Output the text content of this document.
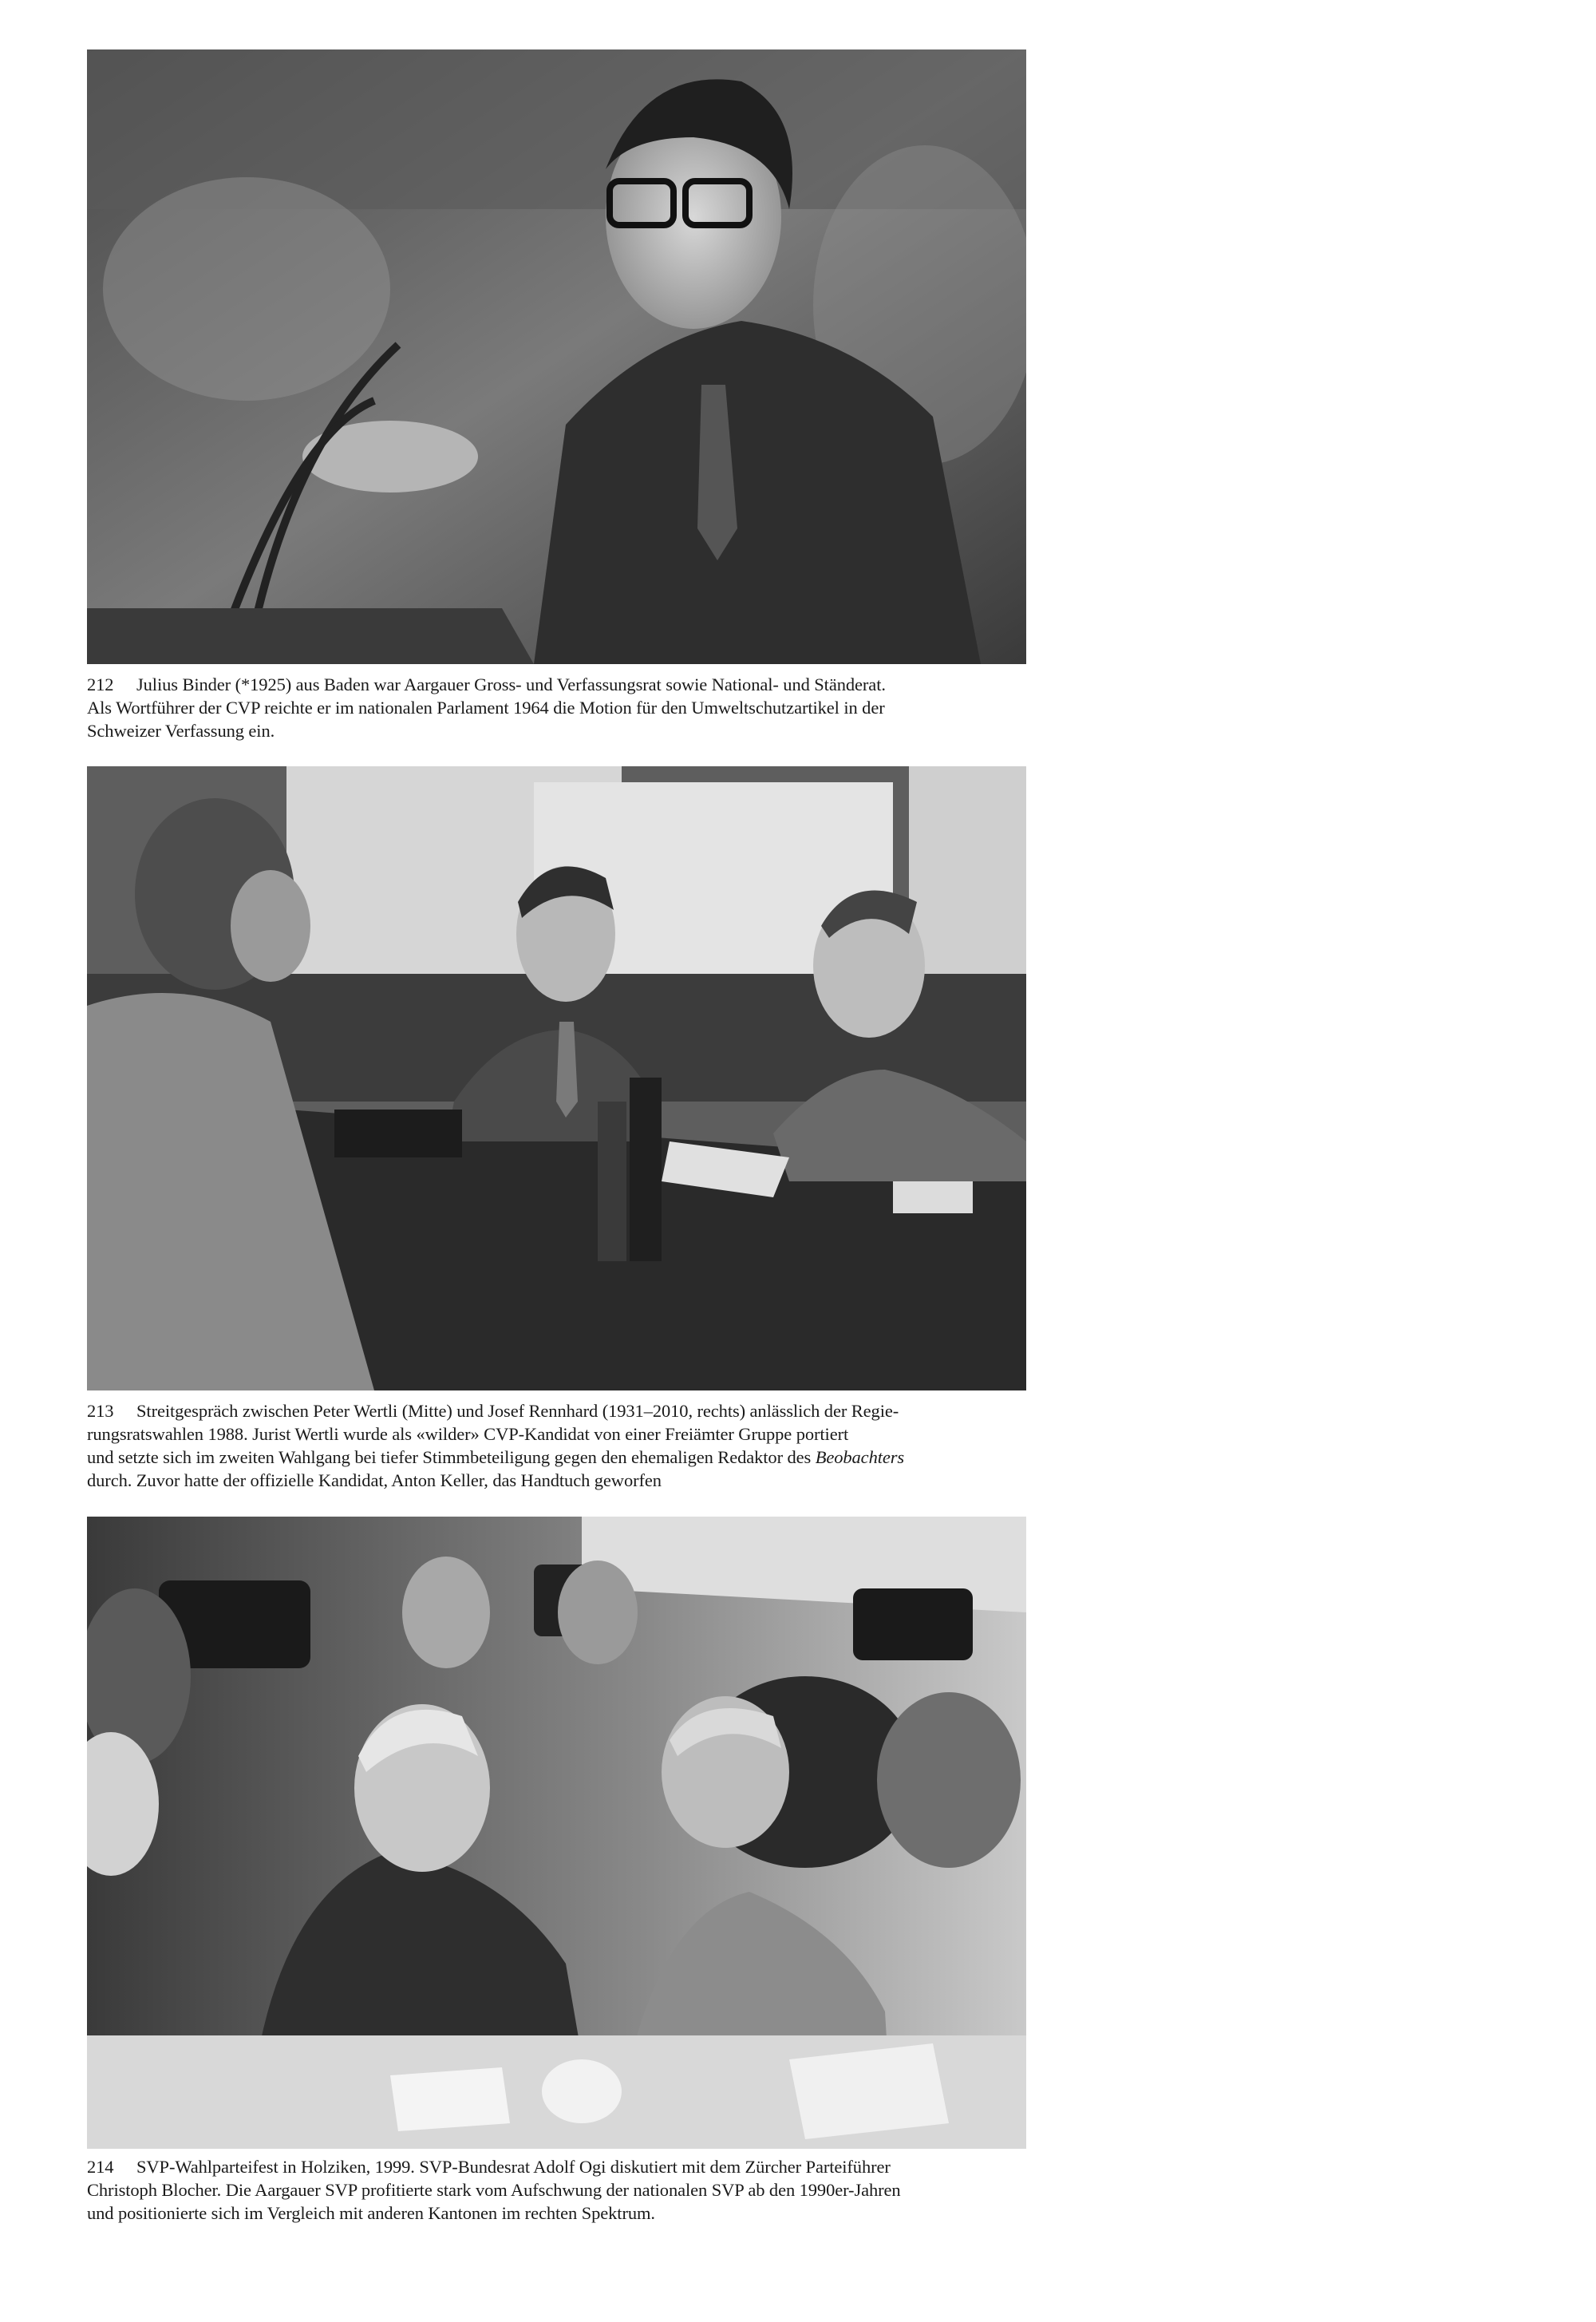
212 Julius Binder (*1925) aus Baden war Aargauer Gross- und Verfassungsrat sowie National- und Ständerat.
Als Wortführer der CVP reichte er im nationalen Parlament 1964 die Motion für den Umweltschutzartikel in der
Schweizer Verfassung ein.
213 Streitgespräch zwischen Peter Wertli (Mitte) und Josef Rennhard (1931–2010, rechts) anlässlich der Regie-
rungsratswahlen 1988. Jurist Wertli wurde als «wilder» CVP-Kandidat von einer Freiämter Gruppe portiert
und setzte sich im zweiten Wahlgang bei tiefer Stimmbeteiligung gegen den ehemaligen Redaktor des Beobachters
durch. Zuvor hatte der offizielle Kandidat, Anton Keller, das Handtuch geworfen
214 SVP-Wahlparteifest in Holziken, 1999. SVP-Bundesrat Adolf Ogi diskutiert mit dem Zürcher Parteiführer
Christoph Blocher. Die Aargauer SVP profitierte stark vom Aufschwung der nationalen SVP ab den 1990er-Jahren
und positionierte sich im Vergleich mit anderen Kantonen im rechten Spektrum.
